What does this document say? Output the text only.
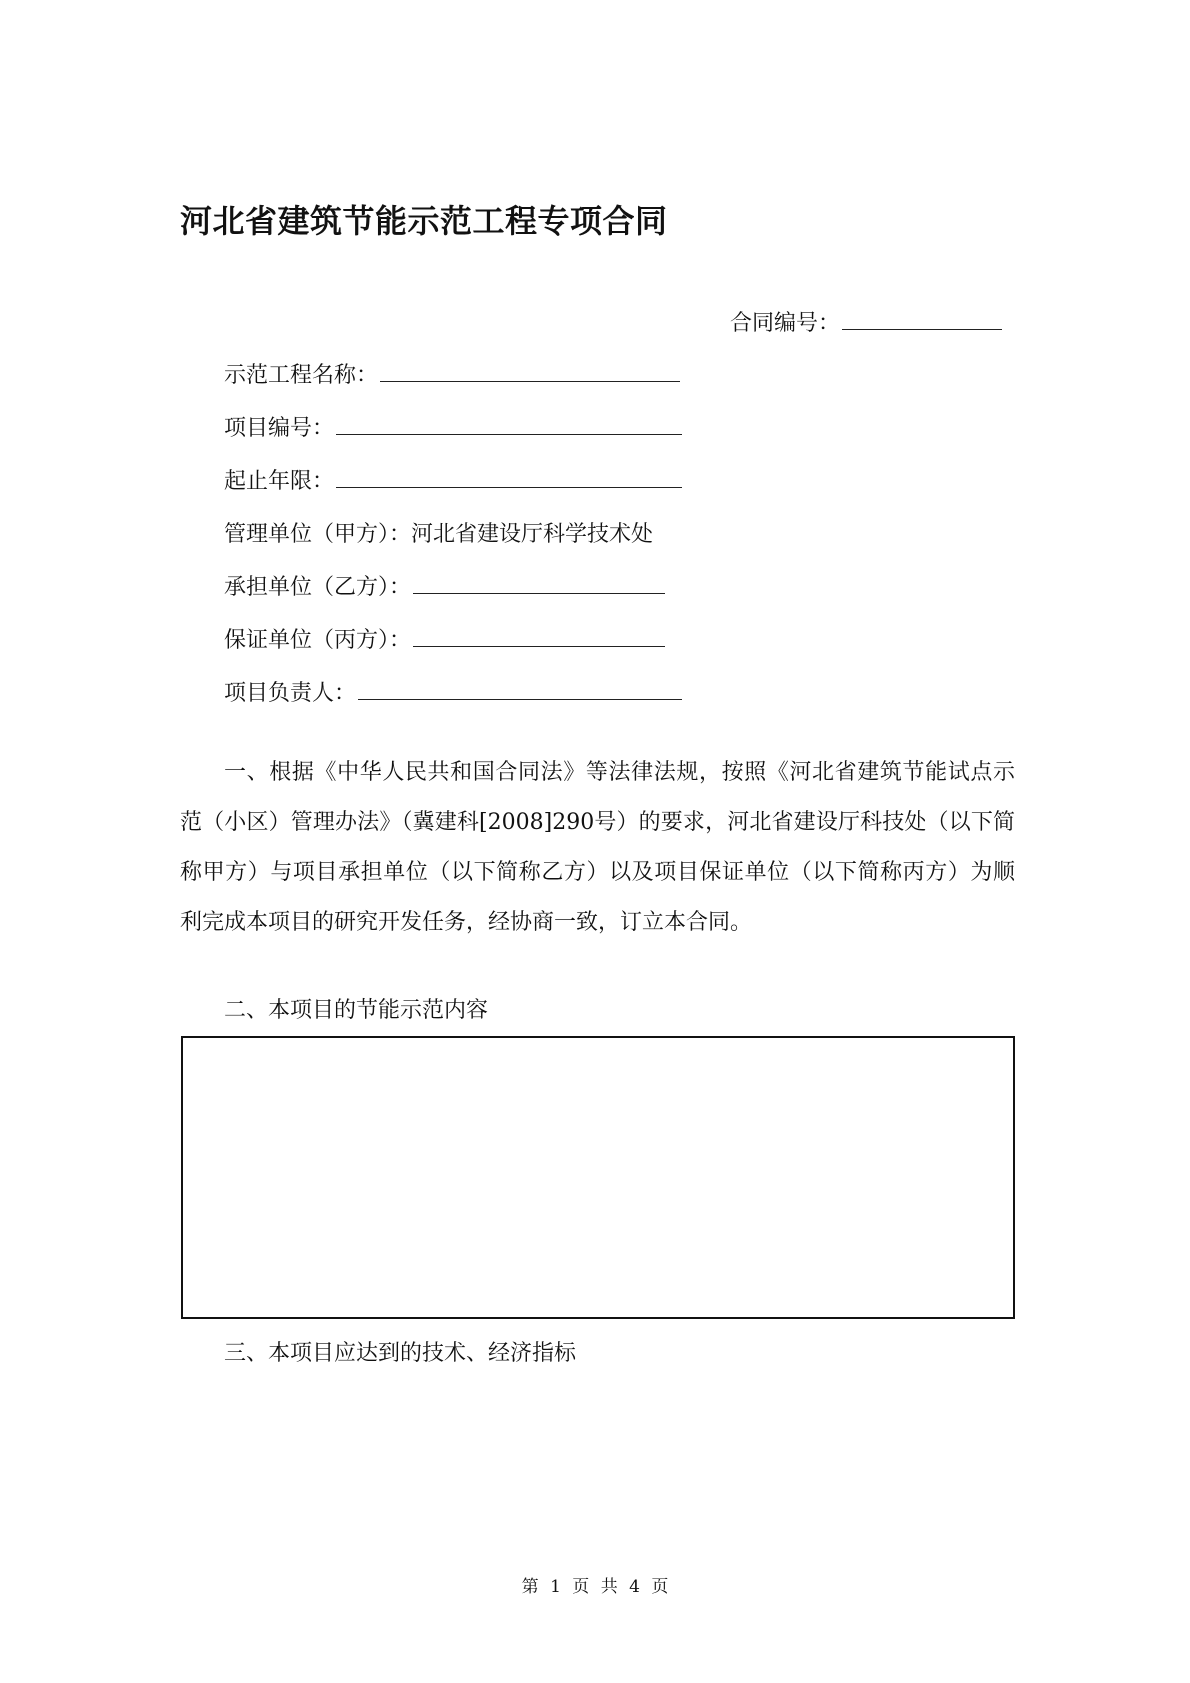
河北省建筑节能示范工程专项合同
合同编号：
示范工程名称：
项目编号：
起止年限：
管理单位（甲方）： 河北省建设厅科学技术处
承担单位（乙方）：
保证单位（丙方）：
项目负责人：

一、根据《中华人民共和国合同法》等法律法规，按照《河北省建筑节能试点示范（小区）管理办法》（冀建科[2008]290号）的要求，河北省建设厅科技处（以下简称甲方）与项目承担单位（以下简称乙方）以及项目保证单位（以下简称丙方）为顺利完成本项目的研究开发任务，经协商一致，订立本合同。

二、本项目的节能示范内容
三、本项目应达到的技术、经济指标
第 1 页 共 4 页
